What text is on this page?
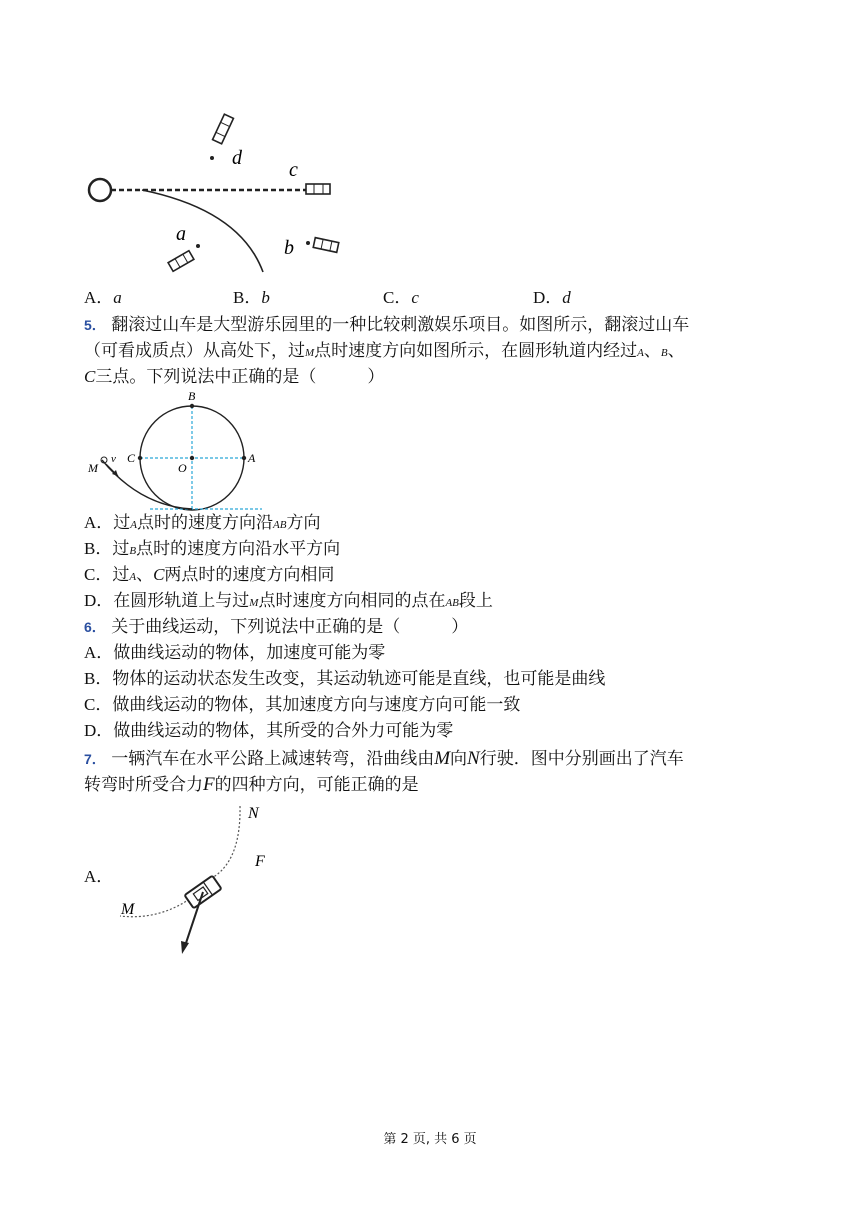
d
c
a
b
A．a	B．b	C．c	D．d
5． 翻滚过山车是大型游乐园里的一种比较刺激娱乐项目。如图所示，翻滚过山车
（可看成质点）从高处下，过M点时速度方向如图所示，在圆形轨道内经过A、B、
C三点。下列说法中正确的是（　　　）
B
C
O
A
M
v
A．过A点时的速度方向沿AB方向
B．过B点时的速度方向沿水平方向
C．过A、C两点时的速度方向相同
D．在圆形轨道上与过M点时速度方向相同的点在AB段上
6． 关于曲线运动，下列说法中正确的是（　　　）
A．做曲线运动的物体，加速度可能为零
B．物体的运动状态发生改变，其运动轨迹可能是直线，也可能是曲线
C．做曲线运动的物体，其加速度方向与速度方向可能一致
D．做曲线运动的物体，其所受的合外力可能为零
7． 一辆汽车在水平公路上减速转弯，沿曲线由M向N行驶．图中分别画出了汽车
转弯时所受合力F的四种方向，可能正确的是
A．
N
F
M
第 2 页, 共 6 页
